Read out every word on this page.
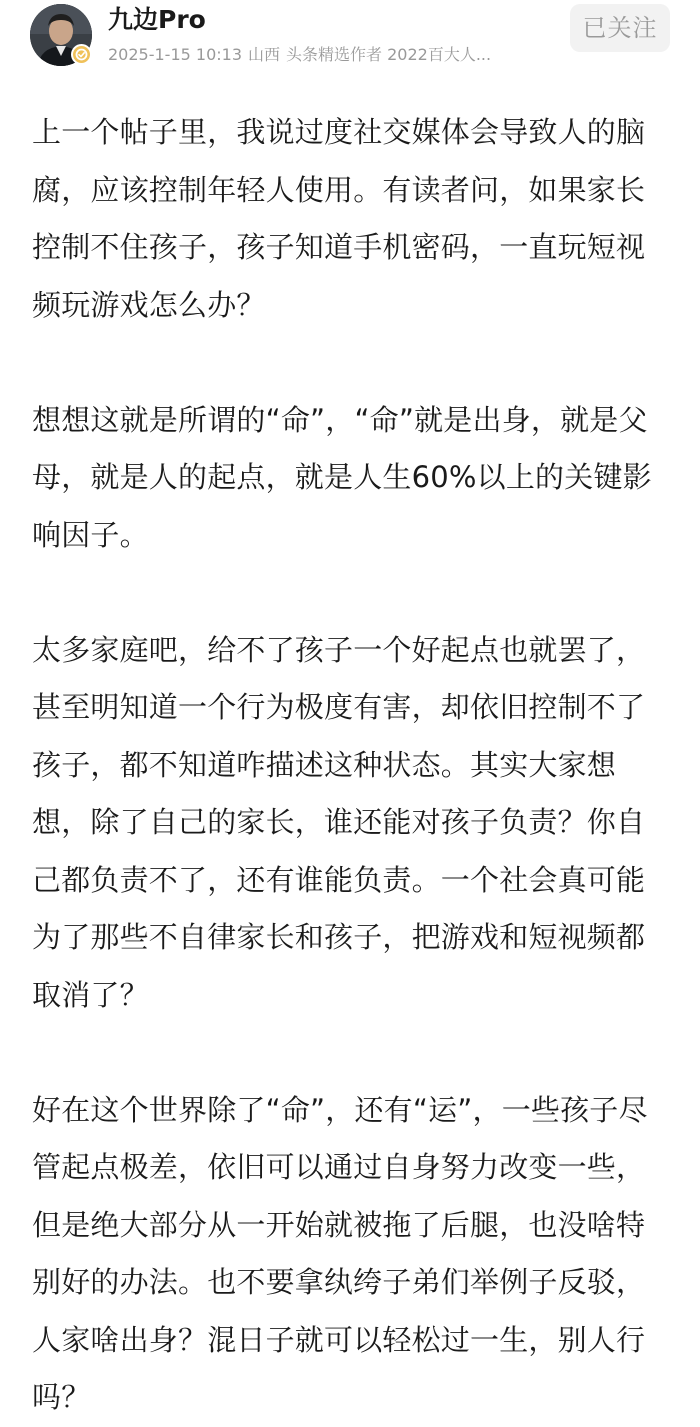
九边Pro
2025-1-15 10:13 山西 头条精选作者 2022百大人...
已关注

上一个帖子里，我说过度社交媒体会导致人的脑腐，应该控制年轻人使用。有读者问，如果家长控制不住孩子，孩子知道手机密码，一直玩短视频玩游戏怎么办？

想想这就是所谓的“命”，“命”就是出身，就是父母，就是人的起点，就是人生60%以上的关键影响因子。

太多家庭吧，给不了孩子一个好起点也就罢了，甚至明知道一个行为极度有害，却依旧控制不了孩子，都不知道咋描述这种状态。其实大家想想，除了自己的家长，谁还能对孩子负责？你自己都负责不了，还有谁能负责。一个社会真可能为了那些不自律家长和孩子，把游戏和短视频都取消了？

好在这个世界除了“命”，还有“运”，一些孩子尽管起点极差，依旧可以通过自身努力改变一些，但是绝大部分从一开始就被拖了后腿，也没啥特别好的办法。也不要拿纨绔子弟们举例子反驳，人家啥出身？混日子就可以轻松过一生，别人行吗？
